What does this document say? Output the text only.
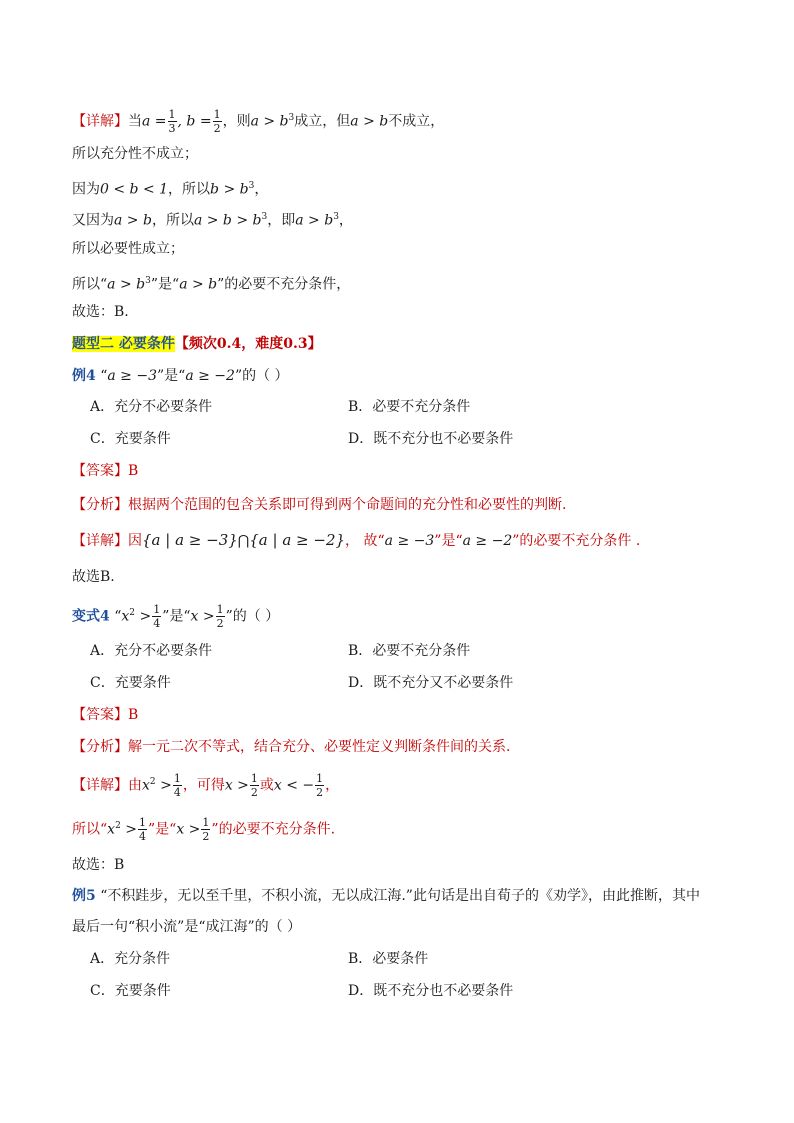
【详解】当$a = \frac{1}{3}$ , $b = \frac{1}{2}$ ，则$a > b^3$成立，但a > b不成立，
所以充分性不成立；
因为0 < b < 1，所以$b > b^3$，
又因为a > b，所以$a > b > b^3$，即$a > b^3$，
所以必要性成立；
所以“$a > b^3$”是“a > b”的必要不充分条件，
故选：B.
题型二 必要条件【频次0.4，难度0.3】
例4 “a ≥ −3”是“a ≥ −2”的（ ）
A．充分不必要条件	B．必要不充分条件
C．充要条件	D．既不充分也不必要条件
【答案】B
【分析】根据两个范围的包含关系即可得到两个命题间的充分性和必要性的判断.
【详解】因{a | a ≥ −3}⋂{a | a ≥ −2}， 故“a ≥ −3”是“a ≥ −2”的必要不充分条件 .
故选B.
变式4 “$x^2 > \frac{1}{4}$ ”是“$x > \frac{1}{2}$ ”的（ ）
A．充分不必要条件	B．必要不充分条件
C．充要条件	D．既不充分又不必要条件
【答案】B
【分析】解一元二次不等式，结合充分、必要性定义判断条件间的关系.
【详解】由$x^2 > \frac{1}{4}$ ，可得$x > \frac{1}{2}$ 或x < − $\frac{1}{2}$ ，
所以“$x^2 > \frac{1}{4}$ ”是“$x > \frac{1}{2}$ ”的必要不充分条件.
故选：B
例5 “不积跬步，无以至千里，不积小流，无以成江海.”此句话是出自荀子的《劝学》，由此推断，其中
最后一句“积小流”是“成江海”的（ ）
A．充分条件	B．必要条件
C．充要条件	D．既不充分也不必要条件
